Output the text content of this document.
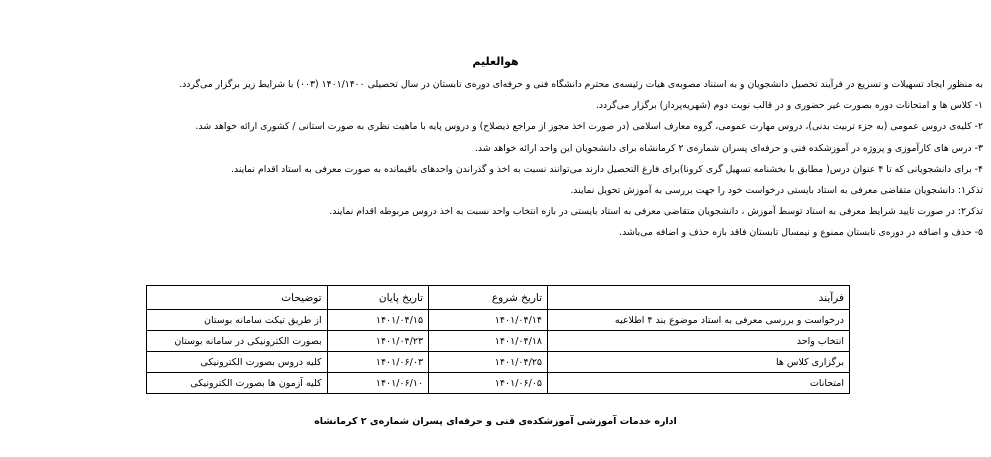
هوالعلیم
به منظور ایجاد تسهیلات و تسریع در فرآیند تحصیل دانشجویان و به استناد مصوبه‌ی هیات رئیسه‌ی محترم دانشگاه فنی و حرفه‌ای دوره‌ی تابستان در سال تحصیلی ۱۴۰۱/۱۴۰۰ (۰۰۳) با شرایط زیر برگزار می‌گردد.
۱- کلاس ها و امتحانات دوره بصورت غیر حضوری و در قالب نوبت دوم (شهریه‌پرداز) برگزار می‌گردد.
۲- کلیه‌ی دروس عمومی (به جزء تربیت بدنی)، دروس مهارت عمومی، گروه معارف اسلامی (در صورت اخذ مجوز از مراجع ذیصلاح) و دروس پایه با ماهیت نظری به صورت استانی / کشوری ارائه خواهد شد.
۳- درس های کارآموزی و پروژه در آموزشکده فنی و حرفه‌ای پسران شماره‌ی ۲ کرمانشاه برای دانشجویان این واحد ارائه خواهد شد.
۴- برای دانشجویانی که تا ۴ عنوان درس( مطابق با بخشنامه تسهیل گری کرونا)برای فارغ التحصیل دارند می‌توانند نسبت به اخذ و گذراندن واحدهای باقیمانده به صورت معرفی به استاد اقدام نمایند.
تذکر۱: دانشجویان متقاضی معرفی به استاد بایستی درخواست خود را جهت بررسی به آموزش تحویل نمایند.
تذکر۲: در صورت تایید شرایط معرفی به استاد توسط آموزش ، دانشجویان متقاضی معرفی به استاد بایستی در بازه انتخاب واحد نسبت به اخذ دروس مربوطه اقدام نمایند.
۵- حذف و اضافه در دوره‌ی تابستان ممنوع و نیمسال تابستان فاقد بازه حذف و اضافه می‌باشد.
فرآیند	تاریخ شروع	تاریخ پایان	توضیحات
درخواست و بررسی معرفی به استاد موضوع بند ۴ اطلاعیه	۱۴۰۱/۰۴/۱۴	۱۴۰۱/۰۴/۱۵	از طریق تیکت سامانه بوستان
انتخاب واحد	۱۴۰۱/۰۴/۱۸	۱۴۰۱/۰۴/۲۳	بصورت الکترونیکی در سامانه بوستان
برگزاری کلاس ها	۱۴۰۱/۰۴/۲۵	۱۴۰۱/۰۶/۰۳	کلیه دروس بصورت الکترونیکی
امتحانات	۱۴۰۱/۰۶/۰۵	۱۴۰۱/۰۶/۱۰	کلیه آزمون ها بصورت الکترونیکی
اداره خدمات آموزشی آموزشکده‌ی فنی و حرفه‌ای پسران شماره‌ی ۲ کرمانشاه
